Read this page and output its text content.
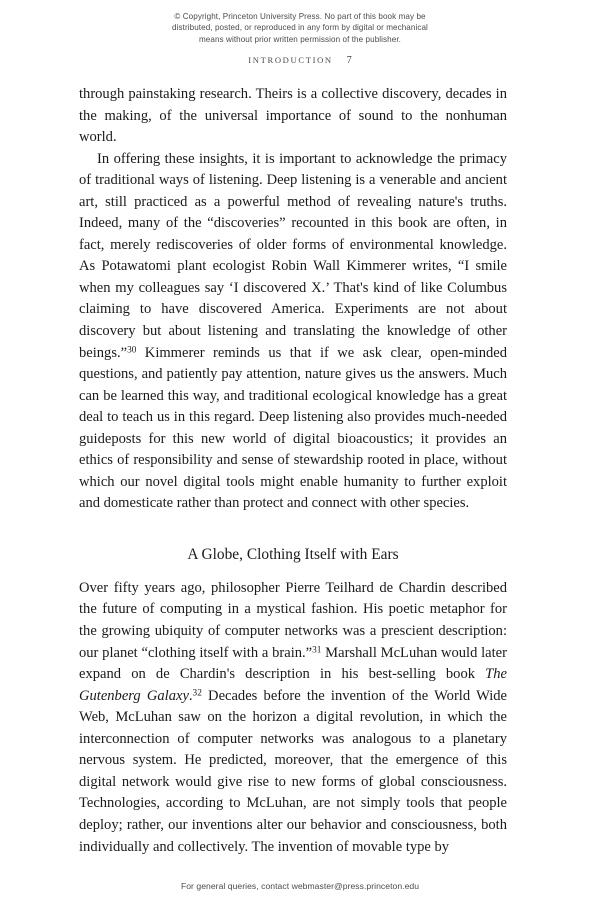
© Copyright, Princeton University Press. No part of this book may be
distributed, posted, or reproduced in any form by digital or mechanical
means without prior written permission of the publisher.
INTRODUCTION 7

through painstaking research. Theirs is a collective discovery, decades in the making, of the universal importance of sound to the nonhuman world.

In offering these insights, it is important to acknowledge the primacy of traditional ways of listening. Deep listening is a venerable and ancient art, still practiced as a powerful method of revealing nature's truths. Indeed, many of the “discoveries” recounted in this book are often, in fact, merely rediscoveries of older forms of environmental knowledge. As Potawatomi plant ecologist Robin Wall Kimmerer writes, “I smile when my colleagues say ‘I discovered X.’ That's kind of like Columbus claiming to have discovered America. Experiments are not about discovery but about listening and translating the knowledge of other beings.”$^{30}$ Kimmerer reminds us that if we ask clear, open-minded questions, and patiently pay attention, nature gives us the answers. Much can be learned this way, and traditional ecological knowledge has a great deal to teach us in this regard. Deep listening also provides much-needed guideposts for this new world of digital bioacoustics; it provides an ethics of responsibility and sense of stewardship rooted in place, without which our novel digital tools might enable humanity to further exploit and domesticate rather than protect and connect with other species.

A Globe, Clothing Itself with Ears

Over fifty years ago, philosopher Pierre Teilhard de Chardin described the future of computing in a mystical fashion. His poetic metaphor for the growing ubiquity of computer networks was a prescient description: our planet “clothing itself with a brain.”$^{31}$ Marshall McLuhan would later expand on de Chardin's description in his best-selling book The Gutenberg Galaxy.$^{32}$ Decades before the invention of the World Wide Web, McLuhan saw on the horizon a digital revolution, in which the interconnection of computer networks was analogous to a planetary nervous system. He predicted, moreover, that the emergence of this digital network would give rise to new forms of global consciousness. Technologies, according to McLuhan, are not simply tools that people deploy; rather, our inventions alter our behavior and consciousness, both individually and collectively. The invention of movable type by

For general queries, contact webmaster@press.princeton.edu
